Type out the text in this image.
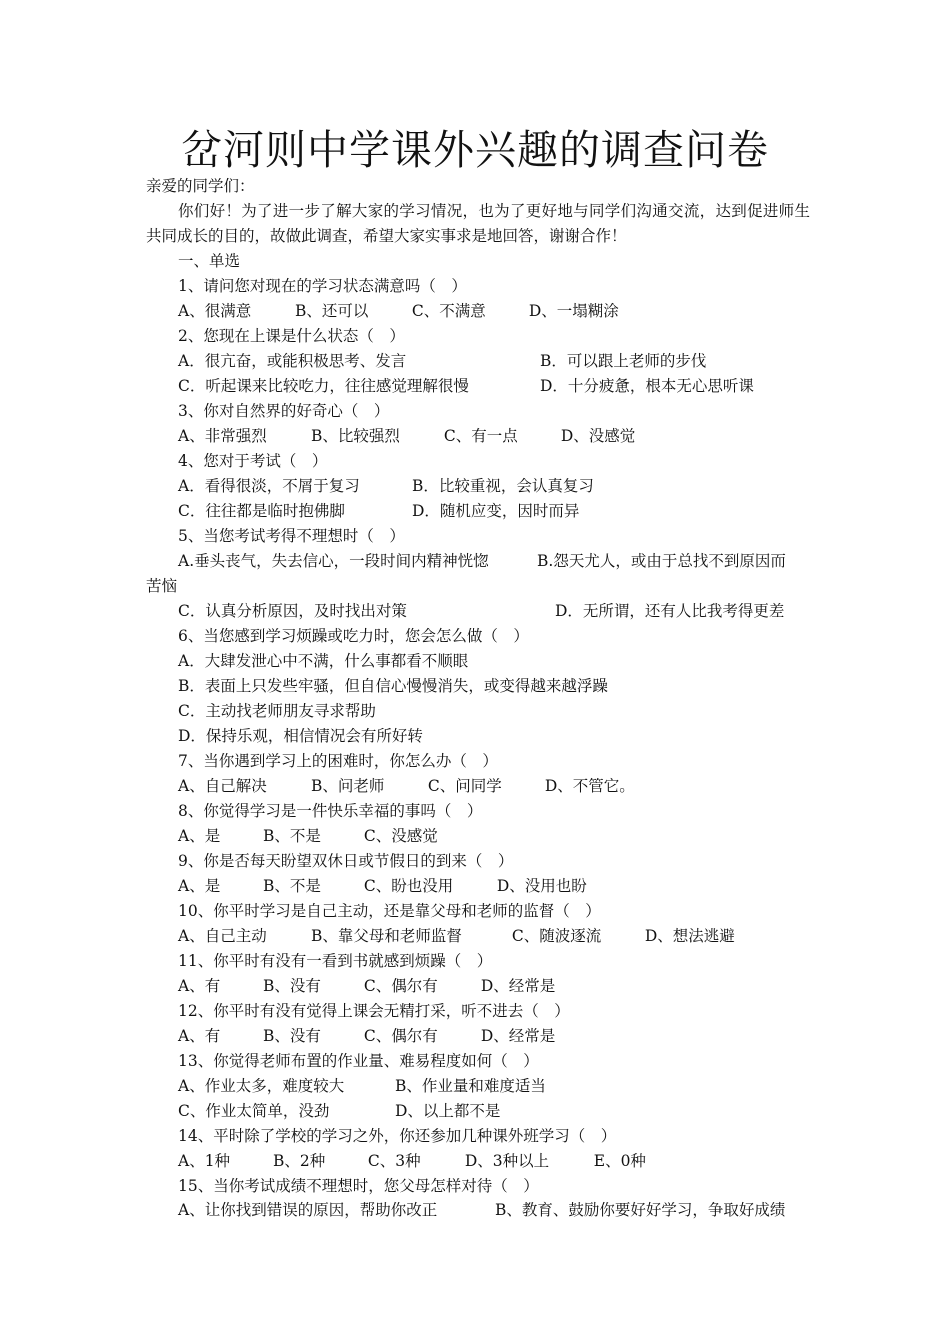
岔河则中学课外兴趣的调查问卷
亲爱的同学们：
你们好！为了进一步了解大家的学习情况，也为了更好地与同学们沟通交流，达到促进师生共同成长的目的，故做此调查，希望大家实事求是地回答，谢谢合作！
一、单选
1、请问您对现在的学习状态满意吗（　）
A、很满意	B、还可以	C、不满意	D、一塌糊涂
2、您现在上课是什么状态（　）
A．很亢奋，或能积极思考、发言	B．可以跟上老师的步伐
C．听起课来比较吃力，往往感觉理解很慢	D．十分疲惫，根本无心思听课
3、你对自然界的好奇心（　）
A、非常强烈	B、比较强烈	C、有一点	D、没感觉
4、您对于考试（　）
A．看得很淡，不屑于复习	B．比较重视，会认真复习
C．往往都是临时抱佛脚	D．随机应变，因时而异
5、当您考试考得不理想时（　）
A.垂头丧气，失去信心，一段时间内精神恍惚	B.怨天尤人，或由于总找不到原因而
苦恼
C．认真分析原因，及时找出对策	D．无所谓，还有人比我考得更差
6、当您感到学习烦躁或吃力时，您会怎么做（　）
A．大肆发泄心中不满，什么事都看不顺眼
B．表面上只发些牢骚，但自信心慢慢消失，或变得越来越浮躁
C．主动找老师朋友寻求帮助
D．保持乐观，相信情况会有所好转
7、当你遇到学习上的困难时，你怎么办（　）
A、自己解决	B、问老师	C、问同学	D、不管它。
8、你觉得学习是一件快乐幸福的事吗（　）
A、是	B、不是	C、没感觉
9、你是否每天盼望双休日或节假日的到来（　）
A、是	B、不是	C、盼也没用	D、没用也盼
10、你平时学习是自己主动，还是靠父母和老师的监督（　）
A、自己主动	B、靠父母和老师监督	C、随波逐流	D、想法逃避
11、你平时有没有一看到书就感到烦躁（　）
A、有	B、没有	C、偶尔有	D、经常是
12、你平时有没有觉得上课会无精打采，听不进去（　）
A、有	B、没有	C、偶尔有	D、经常是
13、你觉得老师布置的作业量、难易程度如何（　）
A、作业太多，难度较大	B、作业量和难度适当
C、作业太简单，没劲	D、以上都不是
14、平时除了学校的学习之外，你还参加几种课外班学习（　）
A、1种	B、2种	C、3种	D、3种以上	E、0种
15、当你考试成绩不理想时，您父母怎样对待（　）
A、让你找到错误的原因，帮助你改正	B、教育、鼓励你要好好学习，争取好成绩
